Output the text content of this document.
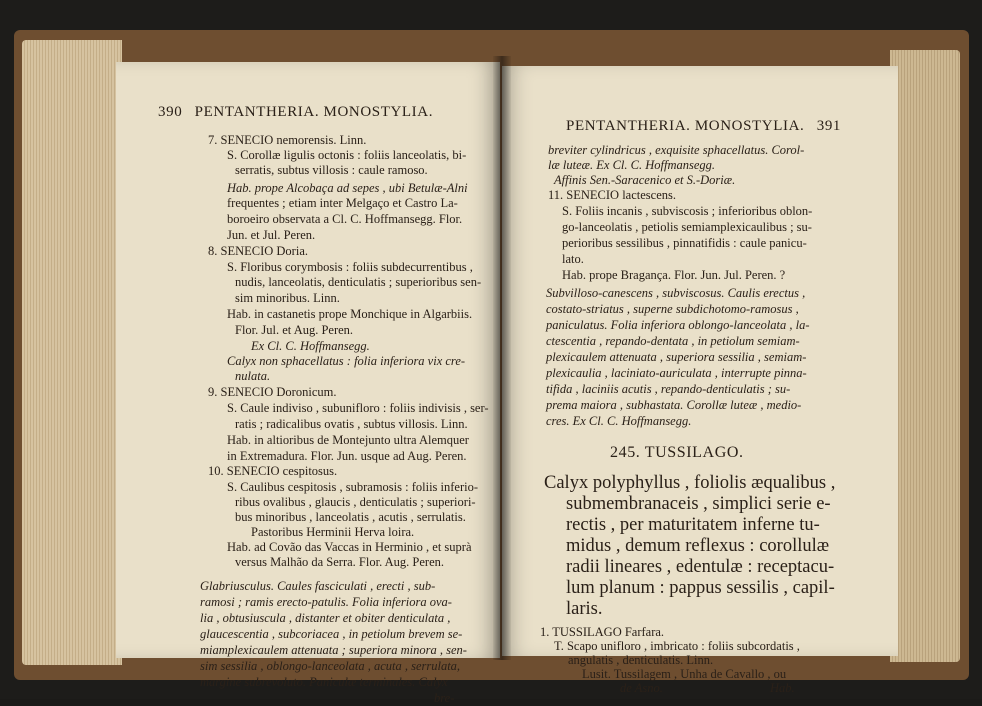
390 PENTANTHERIA. MONOSTYLIA.
7. SENECIO nemorensis. Linn.
S. Corollæ ligulis octonis : foliis lanceolatis, bi-
serratis, subtus villosis : caule ramoso.
Hab. prope Alcobaça ad sepes , ubi Betulæ-Alni
frequentes ; etiam inter Melgaço et Castro La-
boroeiro observata a Cl. C. Hoffmansegg. Flor.
Jun. et Jul. Peren.
8. SENECIO Doria.
S. Floribus corymbosis : foliis subdecurrentibus ,
nudis, lanceolatis, denticulatis ; superioribus sen-
sim minoribus. Linn.
Hab. in castanetis prope Monchique in Algarbiis.
Flor. Jul. et Aug. Peren.
Ex Cl. C. Hoffmansegg.
Calyx non sphacellatus : folia inferiora vix cre-
nulata.
9. SENECIO Doronicum.
S. Caule indiviso , subunifloro : foliis indivisis , ser-
ratis ; radicalibus ovatis , subtus villosis. Linn.
Hab. in altioribus de Montejunto ultra Alemquer
in Extremadura. Flor. Jun. usque ad Aug. Peren.
10. SENECIO cespitosus.
S. Caulibus cespitosis , subramosis : foliis inferio-
ribus ovalibus , glaucis , denticulatis ; superiori-
bus minoribus , lanceolatis , acutis , serrulatis.
Pastoribus Herminii Herva loira.
Hab. ad Covão das Vaccas in Herminio , et suprà
versus Malhão da Serra. Flor. Aug. Peren.
Glabriusculus. Caules fasciculati , erecti , sub-
ramosi ; ramis erecto-patulis. Folia inferiora ova-
lia , obtusiuscula , distanter et obiter denticulata ,
glaucescentia , subcoriacea , in petiolum brevem se-
miamplexicaulem attenuata ; superiora minora , sen-
sim sessilia , oblongo-lanceolata , acuta , serrulata,
margine subrevoluto. Paniculæ terminales. Calyx
bre-
PENTANTHERIA. MONOSTYLIA. 391
breviter cylindricus , exquisite sphacellatus. Corol-
læ luteæ. Ex Cl. C. Hoffmansegg.
Affinis Sen.-Saracenico et S.-Doriæ.
11. SENECIO lactescens.
S. Foliis incanis , subviscosis ; inferioribus oblon-
go-lanceolatis , petiolis semiamplexicaulibus ; su-
perioribus sessilibus , pinnatifidis : caule panicu-
lato.
Hab. prope Bragança. Flor. Jun. Jul. Peren. ?
Subvilloso-canescens , subviscosus. Caulis erectus ,
costato-striatus , superne subdichotomo-ramosus ,
paniculatus. Folia inferiora oblongo-lanceolata , la-
ctescentia , repando-dentata , in petiolum semiam-
plexicaulem attenuata , superiora sessilia , semiam-
plexicaulia , laciniato-auriculata , interrupte pinna-
tifida , laciniis acutis , repando-denticulatis ; su-
prema maiora , subhastata. Corollæ luteæ , medio-
cres. Ex Cl. C. Hoffmansegg.
245. TUSSILAGO.
Calyx polyphyllus , foliolis æqualibus ,
submembranaceis , simplici serie e-
rectis , per maturitatem inferne tu-
midus , demum reflexus : corollulæ
radii lineares , edentulæ : receptacu-
lum planum : pappus sessilis , capil-
laris.
1. TUSSILAGO Farfara.
T. Scapo unifloro , imbricato : foliis subcordatis ,
angulatis , denticulatis. Linn.
Lusit. Tussilagem , Unha de Cavallo , ou
de Asno.	Hab.
